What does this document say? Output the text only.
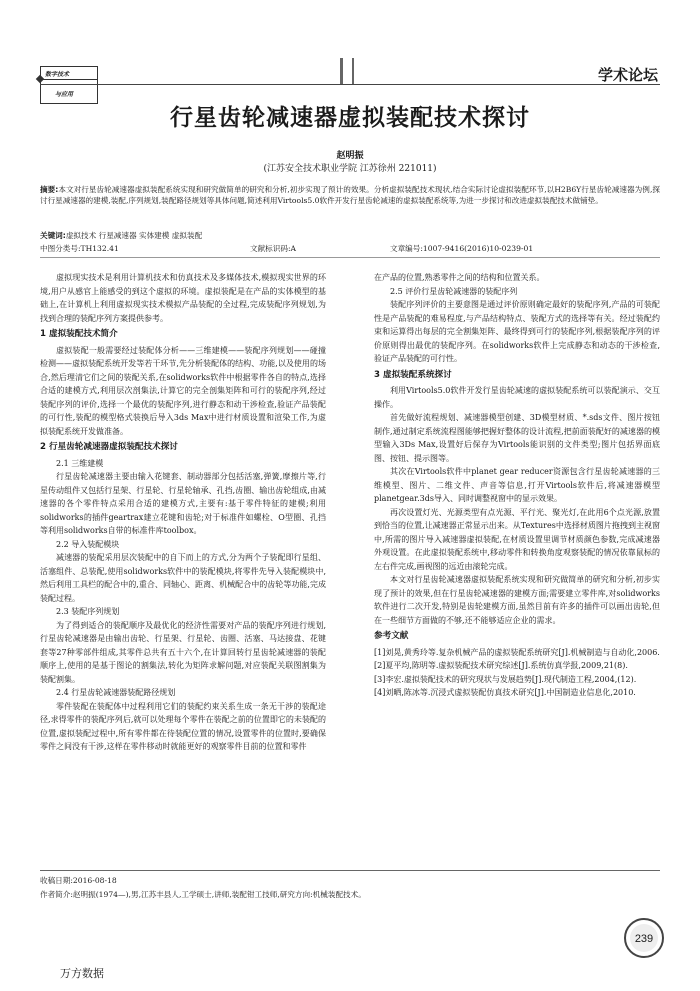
数字技术
与应用
学术论坛
行星齿轮减速器虚拟装配技术探讨
赵明振
(江苏安全技术职业学院 江苏徐州 221011)
摘要:本文对行星齿轮减速器虚拟装配系统实现和研究做简单的研究和分析,初步实现了预计的效果。分析虚拟装配技术现状,结合实际讨论虚拟装配环节,以H2B6Y行星齿轮减速器为例,探讨行星减速器的建模,装配,序列规划,装配路径规划等具体问题,简述利用Virtools5.0软件开发行星齿轮减速的虚拟装配系统等,为进一步探讨和改进虚拟装配技术做铺垫。
关键词:虚拟技术 行星减速器 实体建模 虚拟装配
中图分类号:TH132.41	文献标识码:A	文章编号:1007-9416(2016)10-0239-01

虚拟现实技术是利用计算机技术和仿真技术及多媒体技术,模拟现实世界的环境,用户从感官上能感受的到这个虚拟的环境。虚拟装配是在产品的实体模型的基础上,在计算机上利用虚拟现实技术模拟产品装配的全过程,完成装配序列规划,为找到合理的装配序列方案提供参考。

1 虚拟装配技术简介

虚拟装配一般需要经过装配体分析——三维建模——装配序列规划——碰撞检测——虚拟装配系统开发等若干环节,先分析装配体的结构、功能,以及使用的场合,然后理清它们之间的装配关系,在solidworks软件中根据零件各自的特点,选择合适的建模方式,利用层次剖集法,计算它的完全剖集矩阵和可行的装配序列,经过装配序列的评价,选择一个最优的装配序列,进行静态和动干涉检查,验证产品装配的可行性,装配的模型格式装换后导入3ds Max中进行材质设置和渲染工作,为虚拟装配系统开发做准备。

2 行星齿轮减速器虚拟装配技术探讨
2.1 三维建模

行星齿轮减速器主要由输入花键套、制动器部分包括活塞,弹簧,摩擦片等,行星传动组件又包括行星架、行星轮、行星轮轴承、孔挡,齿圈、输出齿轮组成,由减速器的各个零件特点采用合适的建模方式,主要有:基于零件特征的建模;利用solidworks的插件geartrax建立花键和齿轮;对于标准件如螺栓、O型圈、孔挡等利用solidworks自带的标准件库toolbox。

2.2 导入装配模块

减速器的装配采用层次装配中的自下而上的方式,分为两个子装配即行星组、活塞组件、总装配,使用solidworks软件中的装配模块,将零件先导入装配模块中,然后利用工具栏的配合中的,重合、同轴心、距离、机械配合中的齿轮等功能,完成装配过程。

2.3 装配序列规划

为了得到适合的装配顺序及最优化的经济性需要对产品的装配序列进行规划,行星齿轮减速器是由输出齿轮、行星架、行星轮、齿圈、活塞、马达接盘、花键套等27种零部件组成,其零件总共有五十六个,在计算回转行星齿轮减速器的装配顺序上,使用的是基于图论的割集法,转化为矩阵求解问题,对应装配关联图割集为装配割集。

2.4 行星齿轮减速器装配路径规划

零件装配在装配体中过程利用它们的装配约束关系生成一条无干涉的装配途径,求得零件的装配序列后,就可以处理每个零件在装配之前的位置即它的未装配的位置,虚拟装配过程中,所有零件都在待装配位置的情况,设置零件的位置时,要确保零件之间没有干涉,这样在零件移动时就能更好的观察零件目前的位置和零件

在产品的位置,熟悉零件之间的结构和位置关系。

2.5 评价行星齿轮减速器的装配序列

装配序列评价的主要意图是通过评价原则确定最好的装配序列,产品的可装配性是产品装配的难易程度,与产品结构特点、装配方式的选择等有关。经过装配约束和运算得出每层的完全割集矩阵、最终得到可行的装配序列,根据装配序列的评价原则得出最优的装配序列。在solidworks软件上完成静态和动态的干涉检查,验证产品装配的可行性。

3 虚拟装配系统探讨

利用Virtools5.0软件开发行星齿轮减速的虚拟装配系统可以装配演示、交互操作。

首先做好流程规划、减速器模型创建、3D模型材质、*.sds文件、图片按钮制作,通过制定系统流程图能够把握好整体的设计流程,把前面装配好的减速器的模型输入3Ds Max,设置好后保存为Virtools能识别的文件类型;图片包括界面底图、按钮、提示图等。

其次在Virtools软件中planet gear reducer资源包含行星齿轮减速器的三维模型、图片、二维文件、声音等信息,打开Virtools软件后,将减速器模型planetgear.3ds导入、同时调整视窗中的显示效果。

再次设置灯光、光源类型有点光源、平行光、聚光灯,在此用6个点光源,放置到恰当的位置,让减速器正常显示出来。从Textures中选择材质图片拖拽到主视窗中,所需的图片导入减速器虚拟装配,在材质设置里调节材质颜色参数,完成减速器外观设置。在此虚拟装配系统中,移动零件和转换角度观察装配的情况依靠鼠标的左右件完成,画视图的远近由滚轮完成。

本文对行星齿轮减速器虚拟装配系统实现和研究做简单的研究和分析,初步实现了预计的效果,但在行星齿轮减速器的建模方面;需要建立零件库,对solidworks软件进行二次开发,特别是齿轮建模方面,虽然目前有许多的插件可以画出齿轮,但在一些细节方面做的不够,还不能够适应企业的需求。

参考文献

[1]刘晃,黄秀玲等.复杂机械产品的虚拟装配系统研究[J].机械制造与自动化,2006.

[2]夏平均,陈明等.虚拟装配技术研究综述[J].系统仿真学报,2009,21(8).

[3]李宏.虚拟装配技术的研究现状与发展趋势[J].现代制造工程,2004,(12).

[4]刘晒,陈冰等.沉浸式虚拟装配仿真技术研究[J].中国制造业信息化,2010.

收稿日期:2016-08-18
作者简介:赵明振(1974—),男,江苏丰县人,工学硕士,讲师,装配钳工技师,研究方向:机械装配技术。
239
万方数据
